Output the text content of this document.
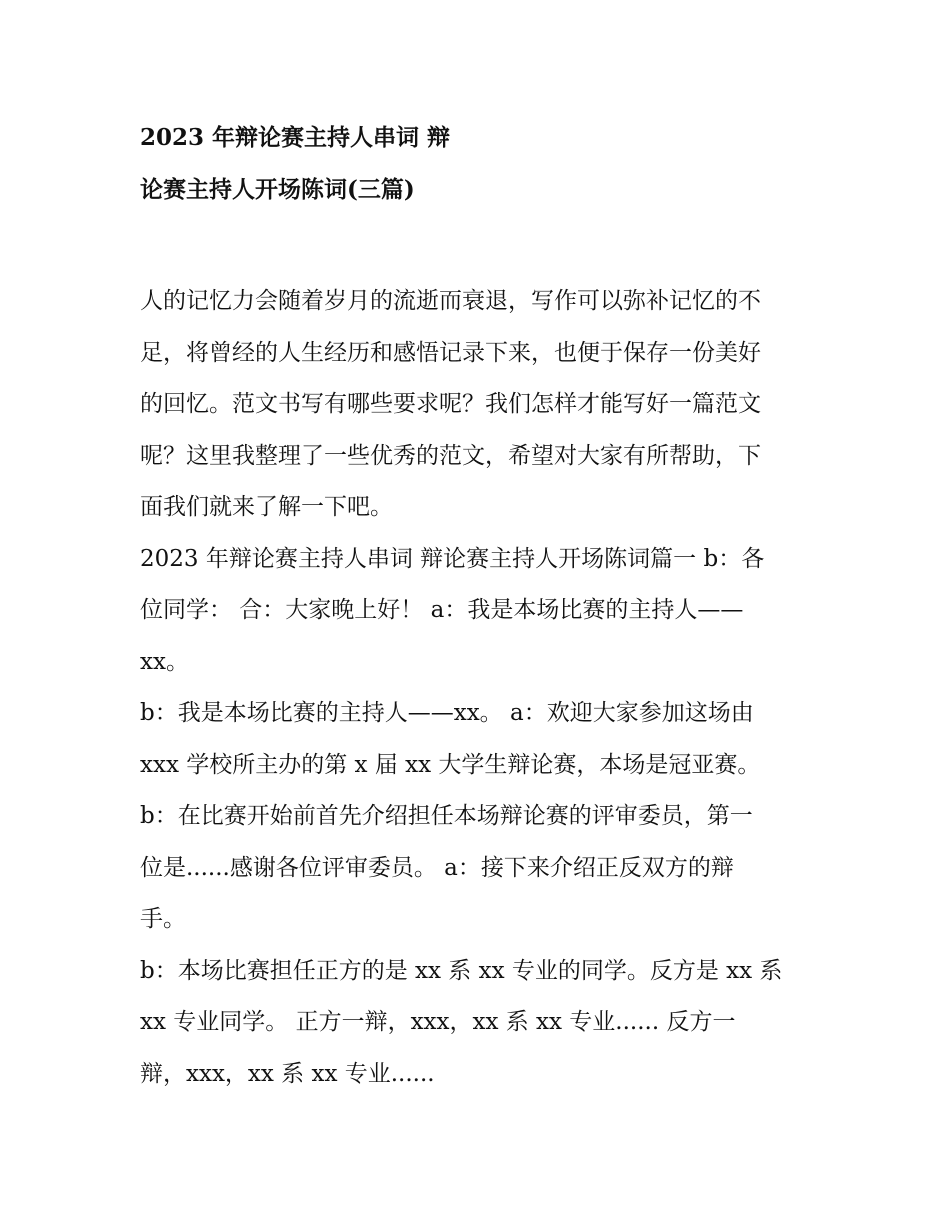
2023 年辩论赛主持人串词 辩
论赛主持人开场陈词(三篇)
人的记忆力会随着岁月的流逝而衰退，写作可以弥补记忆的不
足，将曾经的人生经历和感悟记录下来，也便于保存一份美好
的回忆。范文书写有哪些要求呢？我们怎样才能写好一篇范文
呢？这里我整理了一些优秀的范文，希望对大家有所帮助，下
面我们就来了解一下吧。
2023 年辩论赛主持人串词 辩论赛主持人开场陈词篇一 b：各
位同学： 合：大家晚上好！ a：我是本场比赛的主持人——
xx。
b：我是本场比赛的主持人——xx。 a：欢迎大家参加这场由
xxx 学校所主办的第 x 届 xx 大学生辩论赛，本场是冠亚赛。
b：在比赛开始前首先介绍担任本场辩论赛的评审委员，第一
位是......感谢各位评审委员。 a：接下来介绍正反双方的辩
手。
b：本场比赛担任正方的是 xx 系 xx 专业的同学。反方是 xx 系
xx 专业同学。 正方一辩，xxx，xx 系 xx 专业...... 反方一
辩，xxx，xx 系 xx 专业......
